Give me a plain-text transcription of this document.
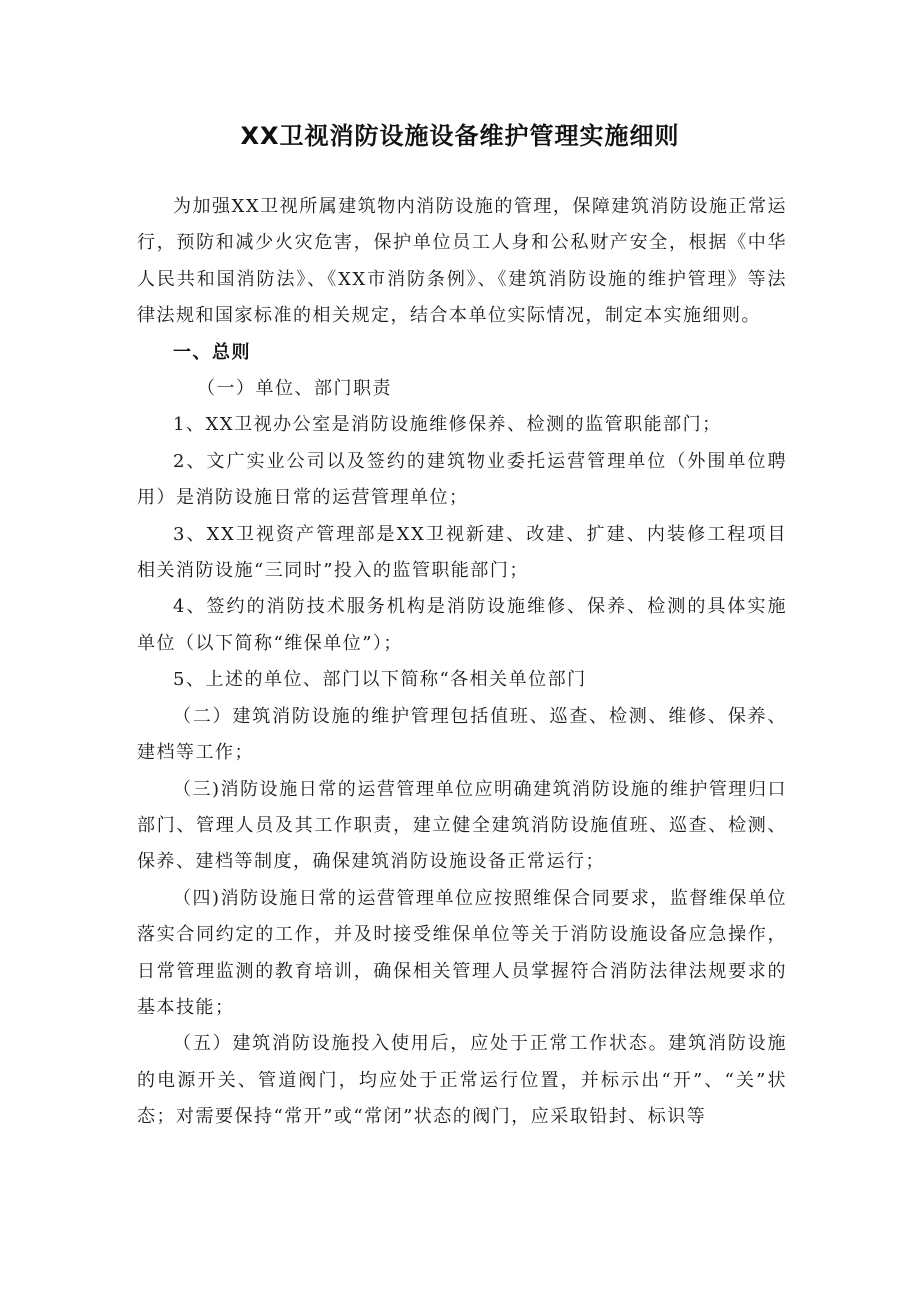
XX卫视消防设施设备维护管理实施细则

为加强XX卫视所属建筑物内消防设施的管理，保障建筑消防设施正常运行，预防和减少火灾危害，保护单位员工人身和公私财产安全，根据《中华人民共和国消防法》、《XX市消防条例》、《建筑消防设施的维护管理》等法律法规和国家标准的相关规定，结合本单位实际情况，制定本实施细则。

一、总则

（一）单位、部门职责

1、XX卫视办公室是消防设施维修保养、检测的监管职能部门；

2、文广实业公司以及签约的建筑物业委托运营管理单位（外围单位聘用）是消防设施日常的运营管理单位；

3、XX卫视资产管理部是XX卫视新建、改建、扩建、内装修工程项目相关消防设施“三同时”投入的监管职能部门；

4、签约的消防技术服务机构是消防设施维修、保养、检测的具体实施单位（以下简称“维保单位”）；

5、上述的单位、部门以下简称“各相关单位部门

（二）建筑消防设施的维护管理包括值班、巡查、检测、维修、保养、建档等工作；

（三)消防设施日常的运营管理单位应明确建筑消防设施的维护管理归口部门、管理人员及其工作职责，建立健全建筑消防设施值班、巡查、检测、保养、建档等制度，确保建筑消防设施设备正常运行；

（四)消防设施日常的运营管理单位应按照维保合同要求，监督维保单位落实合同约定的工作，并及时接受维保单位等关于消防设施设备应急操作，日常管理监测的教育培训，确保相关管理人员掌握符合消防法律法规要求的基本技能；

（五）建筑消防设施投入使用后，应处于正常工作状态。建筑消防设施的电源开关、管道阀门，均应处于正常运行位置，并标示出“开”、“关”状态；对需要保持“常开”或“常闭”状态的阀门，应采取铅封、标识等
